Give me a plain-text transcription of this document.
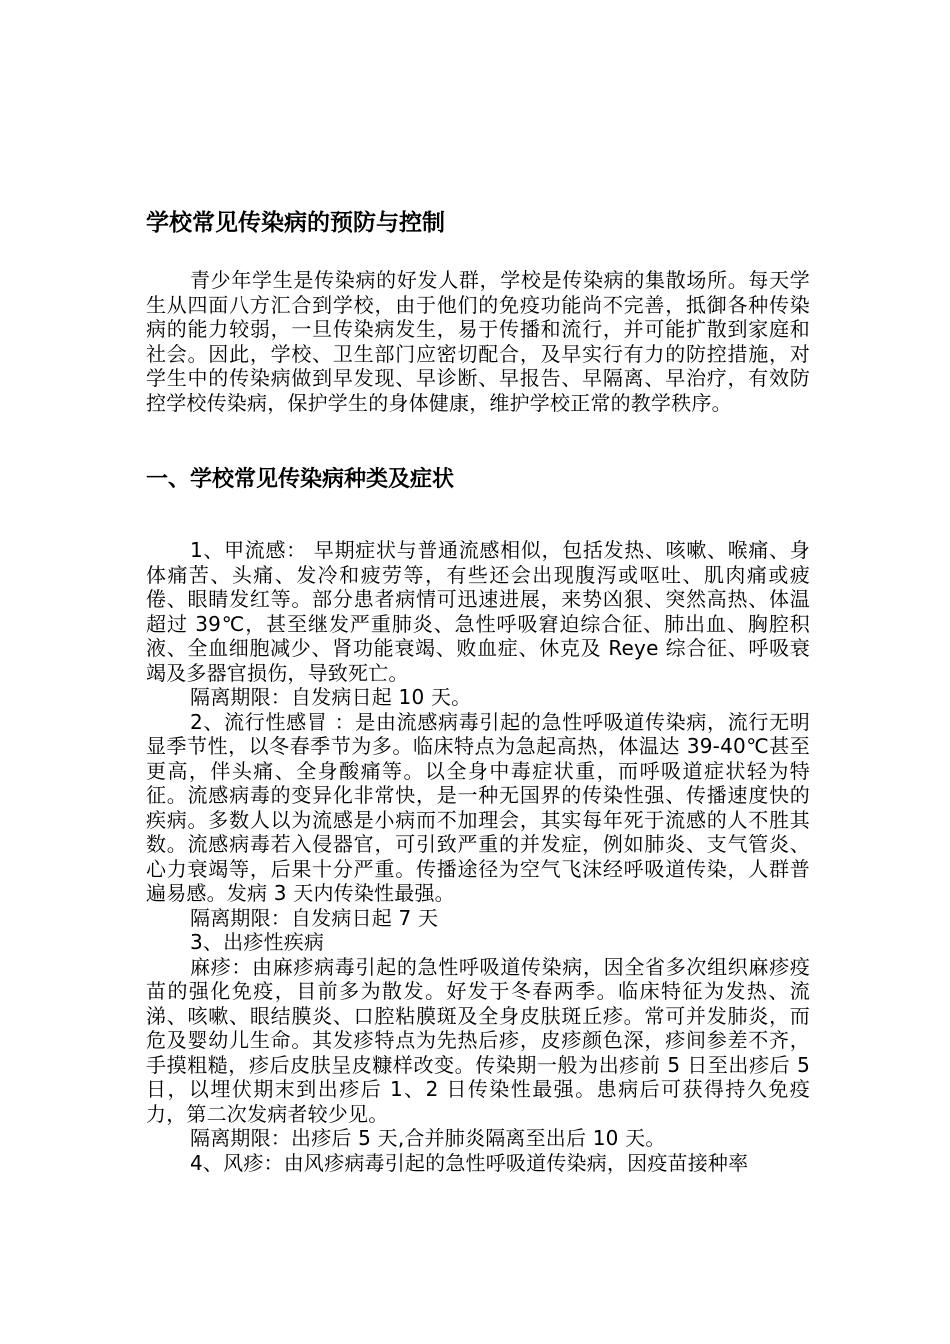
学校常见传染病的预防与控制

青少年学生是传染病的好发人群，学校是传染病的集散场所。每天学生从四面八方汇合到学校，由于他们的免疫功能尚不完善，抵御各种传染病的能力较弱，一旦传染病发生，易于传播和流行，并可能扩散到家庭和社会。因此，学校、卫生部门应密切配合，及早实行有力的防控措施，对学生中的传染病做到早发现、早诊断、早报告、早隔离、早治疗，有效防控学校传染病，保护学生的身体健康，维护学校正常的教学秩序。

一、学校常见传染病种类及症状

1、甲流感： 早期症状与普通流感相似，包括发热、咳嗽、喉痛、身体痛苦、头痛、发冷和疲劳等，有些还会出现腹泻或呕吐、肌肉痛或疲倦、眼睛发红等。部分患者病情可迅速进展，来势凶狠、突然高热、体温超过 39℃，甚至继发严重肺炎、急性呼吸窘迫综合征、肺出血、胸腔积液、全血细胞减少、肾功能衰竭、败血症、休克及 Reye 综合征、呼吸衰竭及多器官损伤，导致死亡。

隔离期限：自发病日起 10 天。

2、流行性感冒 ：是由流感病毒引起的急性呼吸道传染病，流行无明显季节性，以冬春季节为多。临床特点为急起高热，体温达 39-40℃甚至更高，伴头痛、全身酸痛等。以全身中毒症状重，而呼吸道症状轻为特征。流感病毒的变异化非常快，是一种无国界的传染性强、传播速度快的疾病。多数人以为流感是小病而不加理会，其实每年死于流感的人不胜其数。流感病毒若入侵器官，可引致严重的并发症，例如肺炎、支气管炎、心力衰竭等，后果十分严重。传播途径为空气飞沫经呼吸道传染，人群普遍易感。发病 3 天内传染性最强。

隔离期限：自发病日起 7 天

3、出疹性疾病

麻疹：由麻疹病毒引起的急性呼吸道传染病，因全省多次组织麻疹疫苗的强化免疫，目前多为散发。好发于冬春两季。临床特征为发热、流涕、咳嗽、眼结膜炎、口腔粘膜斑及全身皮肤斑丘疹。常可并发肺炎，而危及婴幼儿生命。其发疹特点为先热后疹，皮疹颜色深，疹间参差不齐，手摸粗糙，疹后皮肤呈皮糠样改变。传染期一般为出疹前 5 日至出疹后 5 日，以埋伏期末到出疹后 1、2 日传染性最强。患病后可获得持久免疫力，第二次发病者较少见。

隔离期限：出疹后 5 天,合并肺炎隔离至出后 10 天。

4、风疹：由风疹病毒引起的急性呼吸道传染病，因疫苗接种率
